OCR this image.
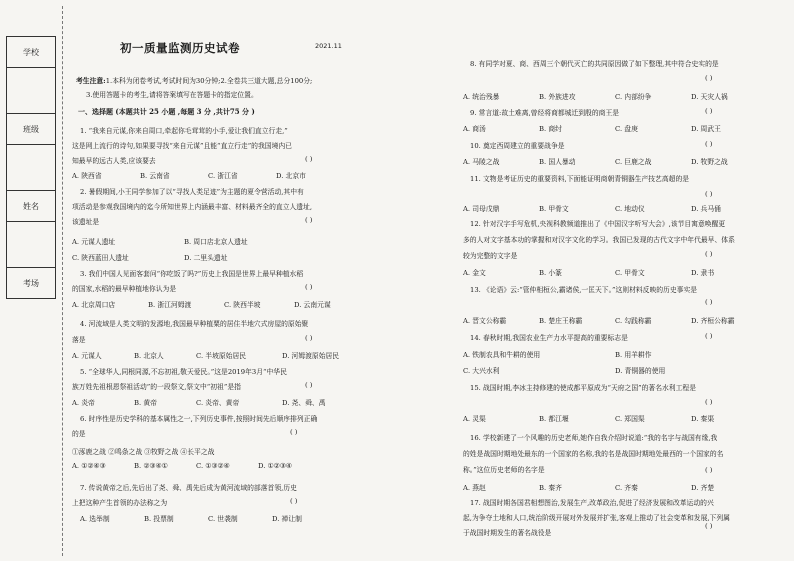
学校
班级
姓名
考场
初一质量监测历史试卷	2021.11
考生注意:1.本科为闭卷考试,考试时间为30分钟;2.全卷共三道大题,总分100分;
3.使用答题卡的考生,请将答案填写在答题卡的指定位置。
一、选择题 (本题共计 25 小题 ,每题 3 分 ,共计75 分 )
1. “我来自元谋,你来自周口,牵起你毛茸茸的小手,爱让我们直立行走,”
这是网上流行的诗句,如果要寻找“来自元谋”且能“直立行走”的我国境内已
知最早的远古人类,应该要去	( )
A. 陕西省	B. 云南省	C. 浙江省	D. 北京市
2. 暑假期间,小王同学参加了以“寻找人类足迹”为主题的夏令营活动,其中有
项活动是参观我国境内的迄今所知世界上内涵最丰富、材料最齐全的直立人遗址,
该遗址是	( )
A. 元谋人遗址	B. 周口店北京人遗址
C. 陕西蓝田人遗址	D. 二里头遗址
3. 我们中国人见面客套问“你吃饭了吗?”历史上我国是世界上最早种植水稻
的国家,水稻的最早种植地你认为是	( )
A. 北京周口店	B. 浙江河姆渡	C. 陕西半坡	D. 云南元谋
4. 河流域是人类文明的发源地,我国最早种植粟的居住半地穴式房屋的原始聚
落是	( )
A. 元谋人	B. 北京人	C. 半坡原始居民	D. 河姆渡原始居民
5. “全球华人,同根同源,不忘初祖,敬天爱民。”这是2019年3月“中华民
族万姓先祖根恩祭祖活动”的一段祭文,祭文中“初祖”是指	( )
A. 炎帝	B. 黄帝	C. 炎帝、黄帝	D. 尧、舜、禹
6. 时序性是历史学科的基本属性之一,下列历史事件,按照时间先后顺序排列正确
的是	( )
①涿鹿之战 ②鸣条之战 ③牧野之战 ④长平之战
A. ①②④③	B. ②③④①	C. ①③②④	D. ①②③④
7. 传说黄帝之后,先后出了尧、舜、禹先后成为黄河流域的部落首领,历史
上把这种产生首领的办法称之为	( )
A. 选举制	B. 投票制	C. 世袭制	D. 禅让制
8. 有同学对夏、商、西周三个朝代灭亡的共同原因做了如下整理,其中符合史实的是
( )
A. 统治残暴	B. 外族进攻	C. 内部纷争	D. 天灾人祸
9. 常言道:故土难离,曾经将商都城迁到殷的商王是	( )
A. 商汤	B. 商纣	C. 盘庚	D. 周武王
10. 奠定西周建立的重要战争是	( )
A. 马陵之战	B. 国人暴动	C. 巨鹿之战	D. 牧野之战
11. 文物是考证历史的重要资料,下面能证明商朝青铜器生产技艺高超的是
( )
A. 司母戊鼎	B. 甲骨文	C. 地动仪	D. 兵马俑
12. 针对汉字手写危机,央视科教频道推出了《中国汉字听写大会》,该节目寓意唤醒更
多的人对文字基本功的掌握和对汉字文化的学习。我国已发现的古代文字中年代最早、体系
较为完整的文字是	( )
A. 金文	B. 小篆	C. 甲骨文	D. 隶书
13. 《论语》云:“管仲相桓公,霸诸侯,一匡天下。”这则材料反映的历史事实是
( )
A. 晋文公称霸	B. 楚庄王称霸	C. 勾践称霸	D. 齐桓公称霸
14. 春秋时期,我国农业生产力水平提高的重要标志是	( )
A. 铁制农具和牛耕的使用	B. 用羊耕作
C. 大兴水利	D. 青铜器的使用
15. 战国时期,李冰主持修建的使成都平原成为“天府之国”的著名水利工程是
( )
A. 灵渠	B. 都江堰	C. 郑国渠	D. 秦渠
16. 学校新建了一个风趣的历史老师,她作自我介绍时说道:“我的名字与战国有缘,我
的姓是战国时期地处最东的一个国家的名称,我的名是战国时期地处最西的一个国家的名
称。”这位历史老师的名字是	( )
A. 燕赵	B. 秦齐	C. 齐秦	D. 齐楚
17. 战国时期各国君相想图治,发展生产,改革政治,促进了经济发展和改革运动的兴
起,为争夺土地和人口,统治阶级开展对外发展并扩张,客观上推动了社会变革和发展,下列属
于战国时期发生的著名战役是
( )
